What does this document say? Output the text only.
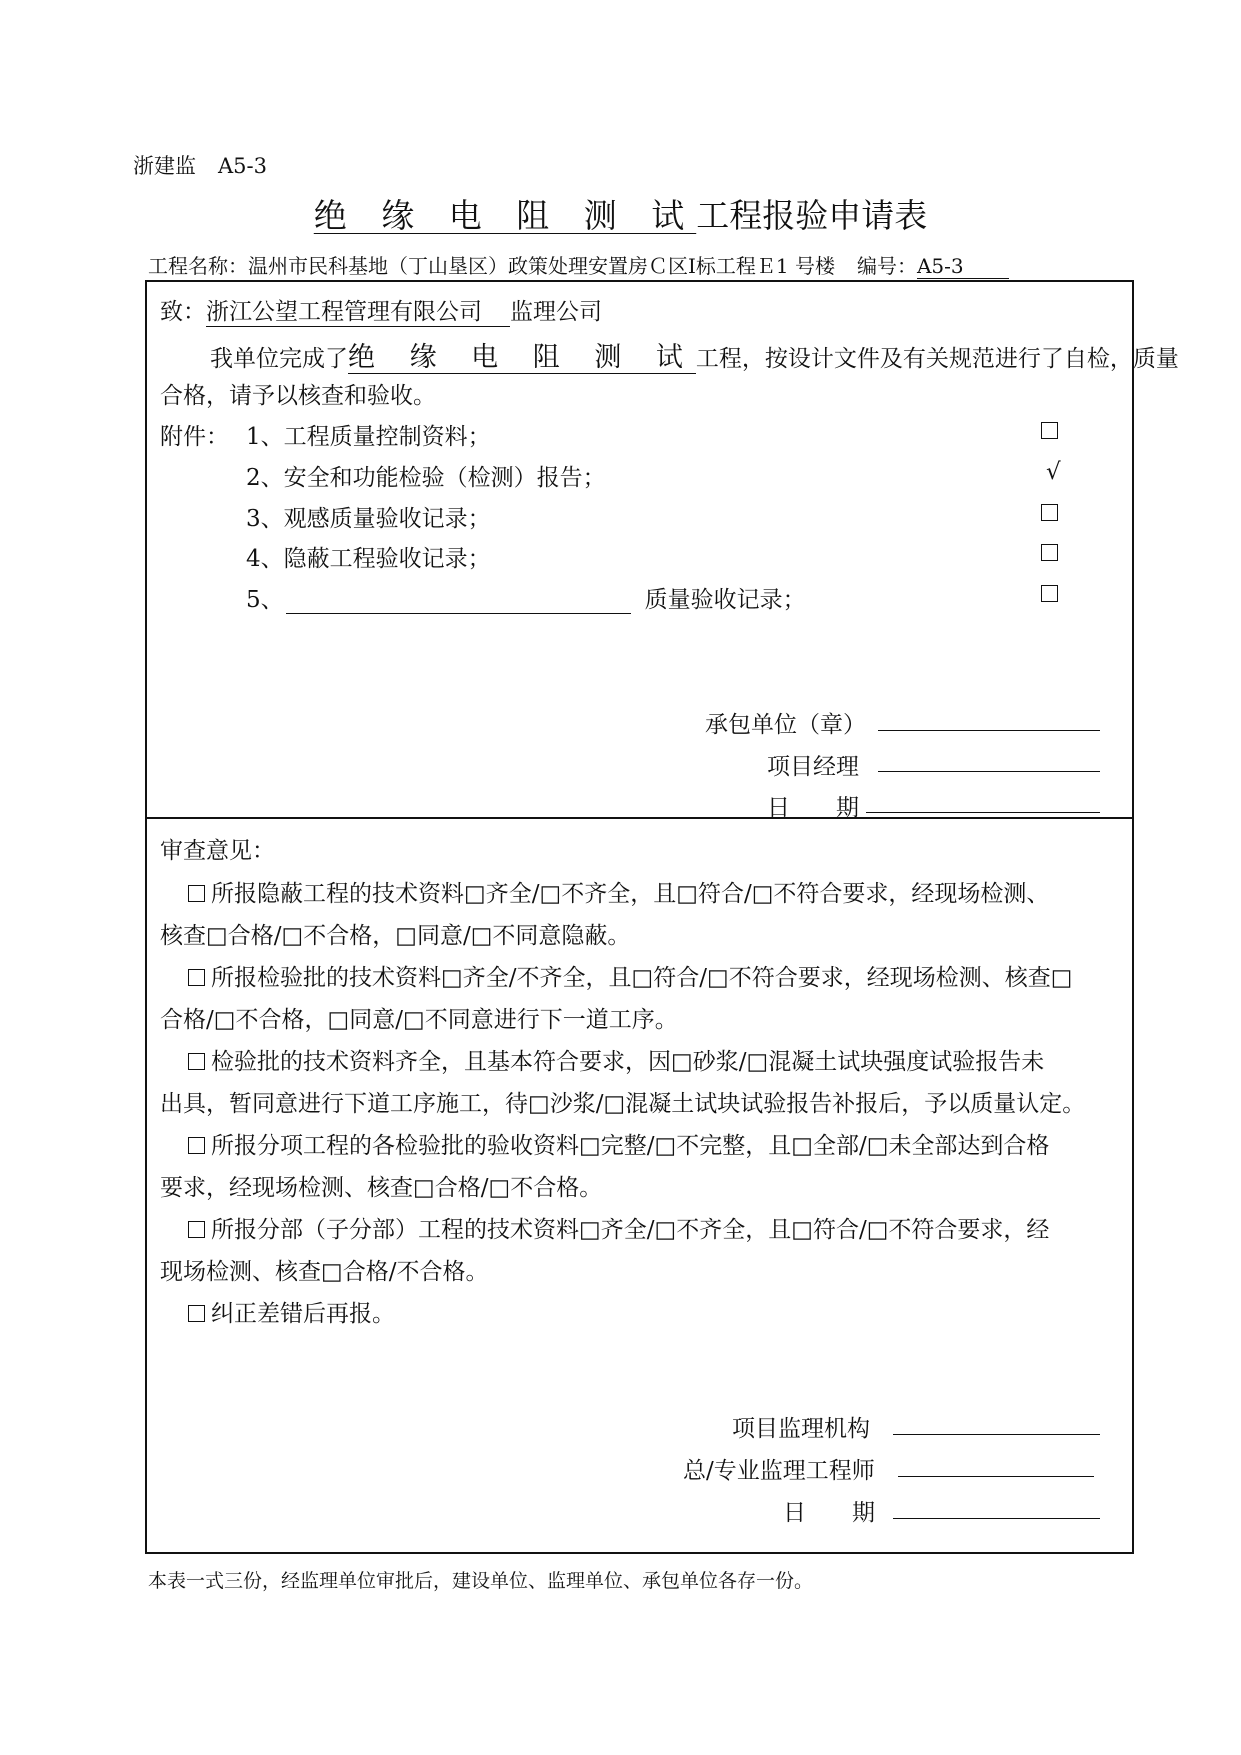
浙建监 A5-3
绝 缘 电 阻 测 试工程报验申请表
工程名称：温州市民科基地（丁山垦区）政策处理安置房Ｃ区Ⅰ标工程Ｅ1 号楼 编号：A5-3
致：浙江公望工程管理有限公司 监理公司
我单位完成了绝 缘 电 阻 测 试工程，按设计文件及有关规范进行了自检，质量
合格，请予以核查和验收。
附件： 1、工程质量控制资料；
2、安全和功能检验（检测）报告；	√
3、观感质量验收记录；
4、隐蔽工程验收记录；
5、	质量验收记录；
承包单位（章）
项目经理
日　　期
审查意见：
所报隐蔽工程的技术资料□齐全/□不齐全，且□符合/□不符合要求，经现场检测、
核查□合格/□不合格，□同意/□不同意隐蔽。
所报检验批的技术资料□齐全/不齐全，且□符合/□不符合要求，经现场检测、核查□
合格/□不合格，□同意/□不同意进行下一道工序。
检验批的技术资料齐全，且基本符合要求，因□砂浆/□混凝土试块强度试验报告未
出具，暂同意进行下道工序施工，待□沙浆/□混凝土试块试验报告补报后，予以质量认定。
所报分项工程的各检验批的验收资料□完整/□不完整，且□全部/□未全部达到合格
要求，经现场检测、核查□合格/□不合格。
所报分部（子分部）工程的技术资料□齐全/□不齐全，且□符合/□不符合要求，经
现场检测、核查□合格/不合格。
纠正差错后再报。
项目监理机构
总/专业监理工程师
日　　期
本表一式三份，经监理单位审批后，建设单位、监理单位、承包单位各存一份。
